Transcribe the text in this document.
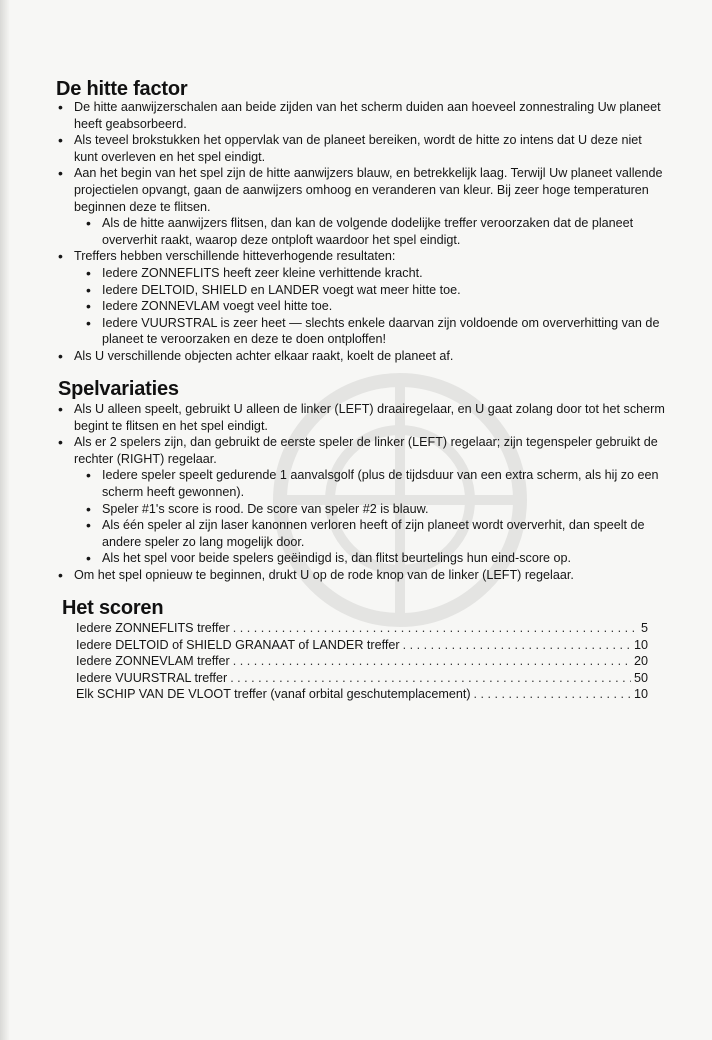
De hitte factor
• De hitte aanwijzerschalen aan beide zijden van het scherm duiden aan hoeveel zonnestraling Uw planeet heeft geabsorbeerd.
• Als teveel brokstukken het oppervlak van de planeet bereiken, wordt de hitte zo intens dat U deze niet kunt overleven en het spel eindigt.
• Aan het begin van het spel zijn de hitte aanwijzers blauw, en betrekkelijk laag. Terwijl Uw planeet vallende projectielen opvangt, gaan de aanwijzers omhoog en veranderen van kleur. Bij zeer hoge temperaturen beginnen deze te flitsen.
• Als de hitte aanwijzers flitsen, dan kan de volgende dodelijke treffer veroorzaken dat de planeet oververhit raakt, waarop deze ontploft waardoor het spel eindigt.
• Treffers hebben verschillende hitteverhogende resultaten:
• Iedere ZONNEFLITS heeft zeer kleine verhittende kracht.
• Iedere DELTOID, SHIELD en LANDER voegt wat meer hitte toe.
• Iedere ZONNEVLAM voegt veel hitte toe.
• Iedere VUURSTRAL is zeer heet — slechts enkele daarvan zijn voldoende om oververhitting van de planeet te veroorzaken en deze te doen ontploffen!
• Als U verschillende objecten achter elkaar raakt, koelt de planeet af.
Spelvariaties
• Als U alleen speelt, gebruikt U alleen de linker (LEFT) draairegelaar, en U gaat zolang door tot het scherm begint te flitsen en het spel eindigt.
• Als er 2 spelers zijn, dan gebruikt de eerste speler de linker (LEFT) regelaar; zijn tegenspeler gebruikt de rechter (RIGHT) regelaar.
• Iedere speler speelt gedurende 1 aanvalsgolf (plus de tijdsduur van een extra scherm, als hij zo een scherm heeft gewonnen).
• Speler #1's score is rood. De score van speler #2 is blauw.
• Als één speler al zijn laser kanonnen verloren heeft of zijn planeet wordt oververhit, dan speelt de andere speler zo lang mogelijk door.
• Als het spel voor beide spelers geëindigd is, dan flitst beurtelings hun eind-score op.
• Om het spel opnieuw te beginnen, drukt U op de rode knop van de linker (LEFT) regelaar.
Het scoren
Iedere ZONNEFLITS treffer . . .	5
Iedere DELTOID of SHIELD GRANAAT of LANDER treffer . . .	10
Iedere ZONNEVLAM treffer . . .	20
Iedere VUURSTRAL treffer . . .	50
Elk SCHIP VAN DE VLOOT treffer (vanaf orbital geschutemplacement) . . .	10
